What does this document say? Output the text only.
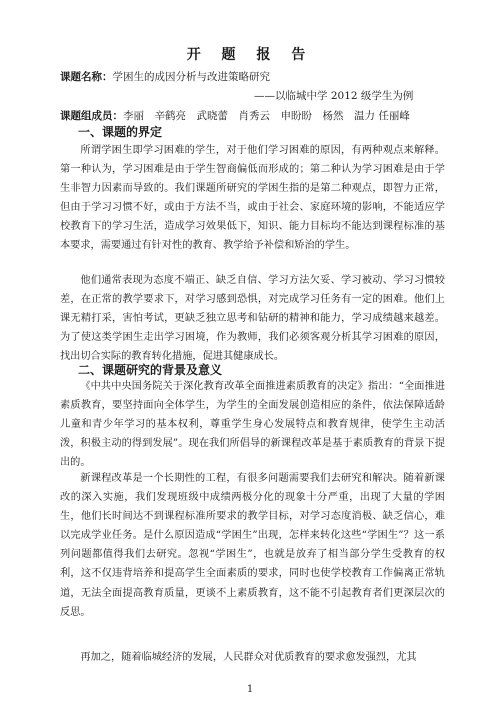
开 题 报 告
课题名称：学困生的成因分析与改进策略研究
——以临城中学 2012 级学生为例
课题组成员：李丽　辛鹤亮　武晓蕾　肖秀云　申盼盼　杨然　温力 任丽峰
一、课题的界定

所谓学困生即学习困难的学生，对于他们学习困难的原因，有两种观点来解释。第一种认为，学习困难是由于学生智商偏低而形成的；第二种认为学习困难是由于学生非智力因素而导致的。我们课题所研究的学困生指的是第二种观点，即智力正常，但由于学习习惯不好，或由于方法不当，或由于社会、家庭环境的影响，不能适应学校教育下的学习生活，造成学习效果低下，知识、能力目标均不能达到课程标准的基本要求，需要通过有针对性的教育、教学给予补偿和矫治的学生。

他们通常表现为态度不端正、缺乏自信、学习方法欠妥、学习被动、学习习惯较差，在正常的教学要求下，对学习感到恐惧，对完成学习任务有一定的困难。他们上课无精打采，害怕考试，更缺乏独立思考和钻研的精神和能力，学习成绩越来越差。为了使这类学困生走出学习困境，作为教师，我们必须客观分析其学习困难的原因，找出切合实际的教育转化措施，促进其健康成长。

二、课题研究的背景及意义

《中共中央国务院关于深化教育改革全面推进素质教育的决定》指出：“全面推进素质教育，要坚持面向全体学生，为学生的全面发展创造相应的条件，依法保障适龄儿童和青少年学习的基本权利，尊重学生身心发展特点和教育规律，使学生主动活泼，积极主动的得到发展”。现在我们所倡导的新课程改革是基于素质教育的背景下提出的。

新课程改革是一个长期性的工程，有很多问题需要我们去研究和解决。随着新课改的深入实施，我们发现班级中成绩两极分化的现象十分严重，出现了大量的学困生，他们长时间达不到课程标准所要求的教学目标，对学习态度消极、缺乏信心，难以完成学业任务。是什么原因造成“学困生”出现，怎样来转化这些“学困生”？这一系列问题都值得我们去研究。忽视“学困生”，也就是放弃了相当部分学生受教育的权利，这不仅违背培养和提高学生全面素质的要求，同时也使学校教育工作偏离正常轨道，无法全面提高教育质量，更谈不上素质教育，这不能不引起教育者们更深层次的反思。

再加之，随着临城经济的发展，人民群众对优质教育的要求愈发强烈，尤其

1
